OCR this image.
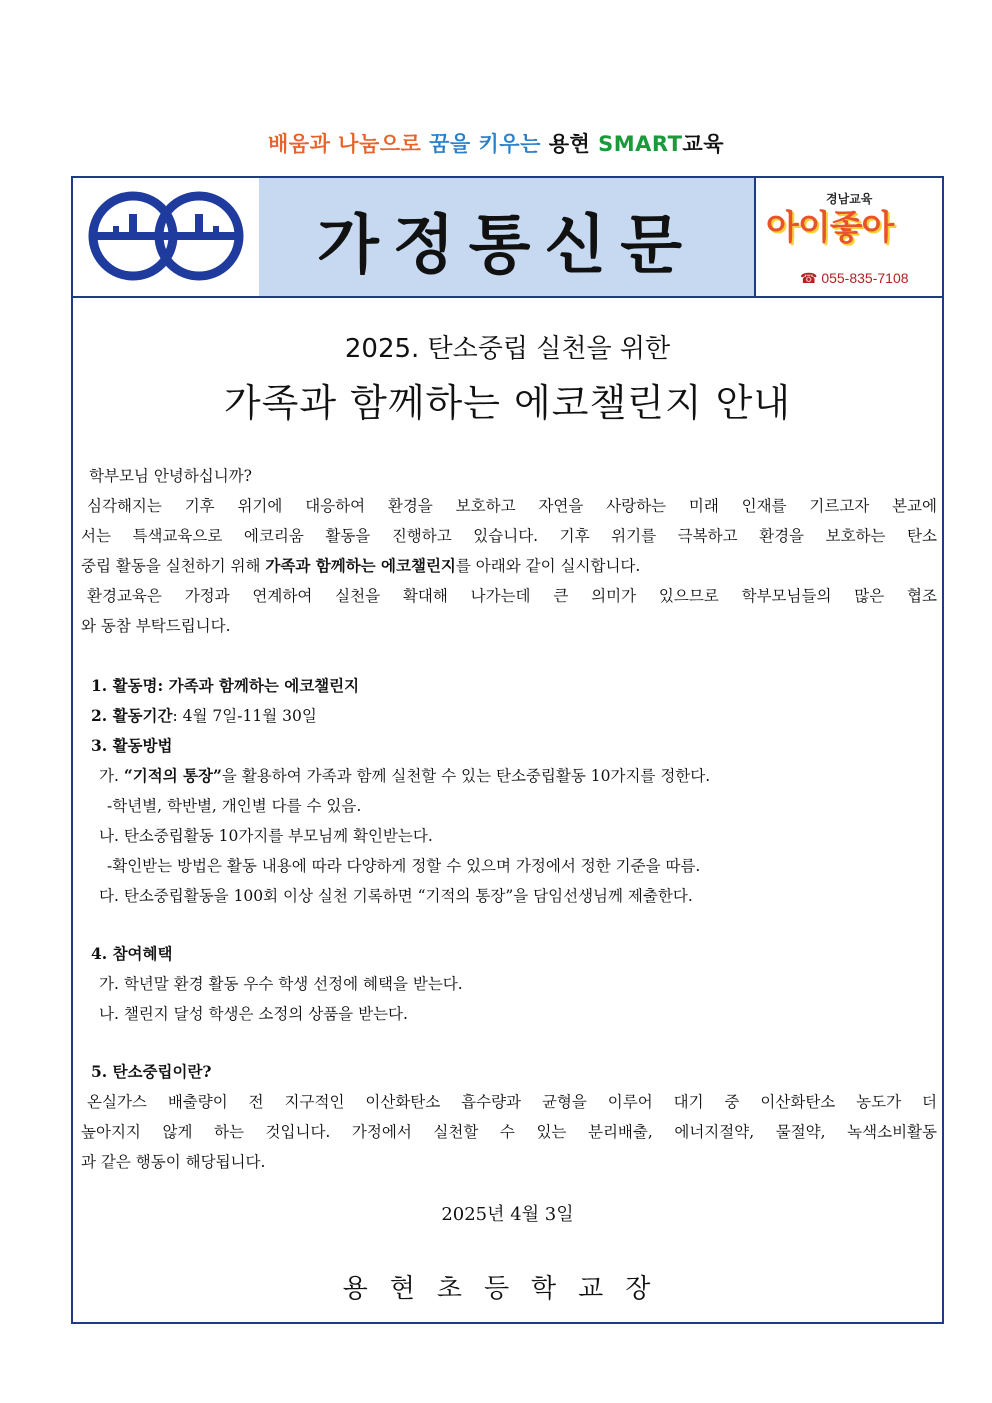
배움과 나눔으로 꿈을 키우는 용현 SMART교육
가정통신문
경남교육
아이좋아
☎ 055-835-7108
2025. 탄소중립 실천을 위한
가족과 함께하는 에코챌린지 안내
학부모님 안녕하십니까?
심각해지는 기후 위기에 대응하여 환경을 보호하고 자연을 사랑하는 미래 인재를 기르고자 본교에
서는 특색교육으로 에코리움 활동을 진행하고 있습니다. 기후 위기를 극복하고 환경을 보호하는 탄소
중립 활동을 실천하기 위해 가족과 함께하는 에코챌린지를 아래와 같이 실시합니다.
환경교육은 가정과 연계하여 실천을 확대해 나가는데 큰 의미가 있으므로 학부모님들의 많은 협조
와 동참 부탁드립니다.
1. 활동명: 가족과 함께하는 에코챌린지
2. 활동기간: 4월 7일-11월 30일
3. 활동방법
가. “기적의 통장”을 활용하여 가족과 함께 실천할 수 있는 탄소중립활동 10가지를 정한다.
-학년별, 학반별, 개인별 다를 수 있음.
나. 탄소중립활동 10가지를 부모님께 확인받는다.
-확인받는 방법은 활동 내용에 따라 다양하게 정할 수 있으며 가정에서 정한 기준을 따름.
다. 탄소중립활동을 100회 이상 실천 기록하면 “기적의 통장”을 담임선생님께 제출한다.
4. 참여혜택
가. 학년말 환경 활동 우수 학생 선정에 혜택을 받는다.
나. 챌린지 달성 학생은 소정의 상품을 받는다.
5. 탄소중립이란?
온실가스 배출량이 전 지구적인 이산화탄소 흡수량과 균형을 이루어 대기 중 이산화탄소 농도가 더
높아지지 않게 하는 것입니다. 가정에서 실천할 수 있는 분리배출, 에너지절약, 물절약, 녹색소비활동
과 같은 행동이 해당됩니다.
2025년 4월 3일
용현초등학교장
